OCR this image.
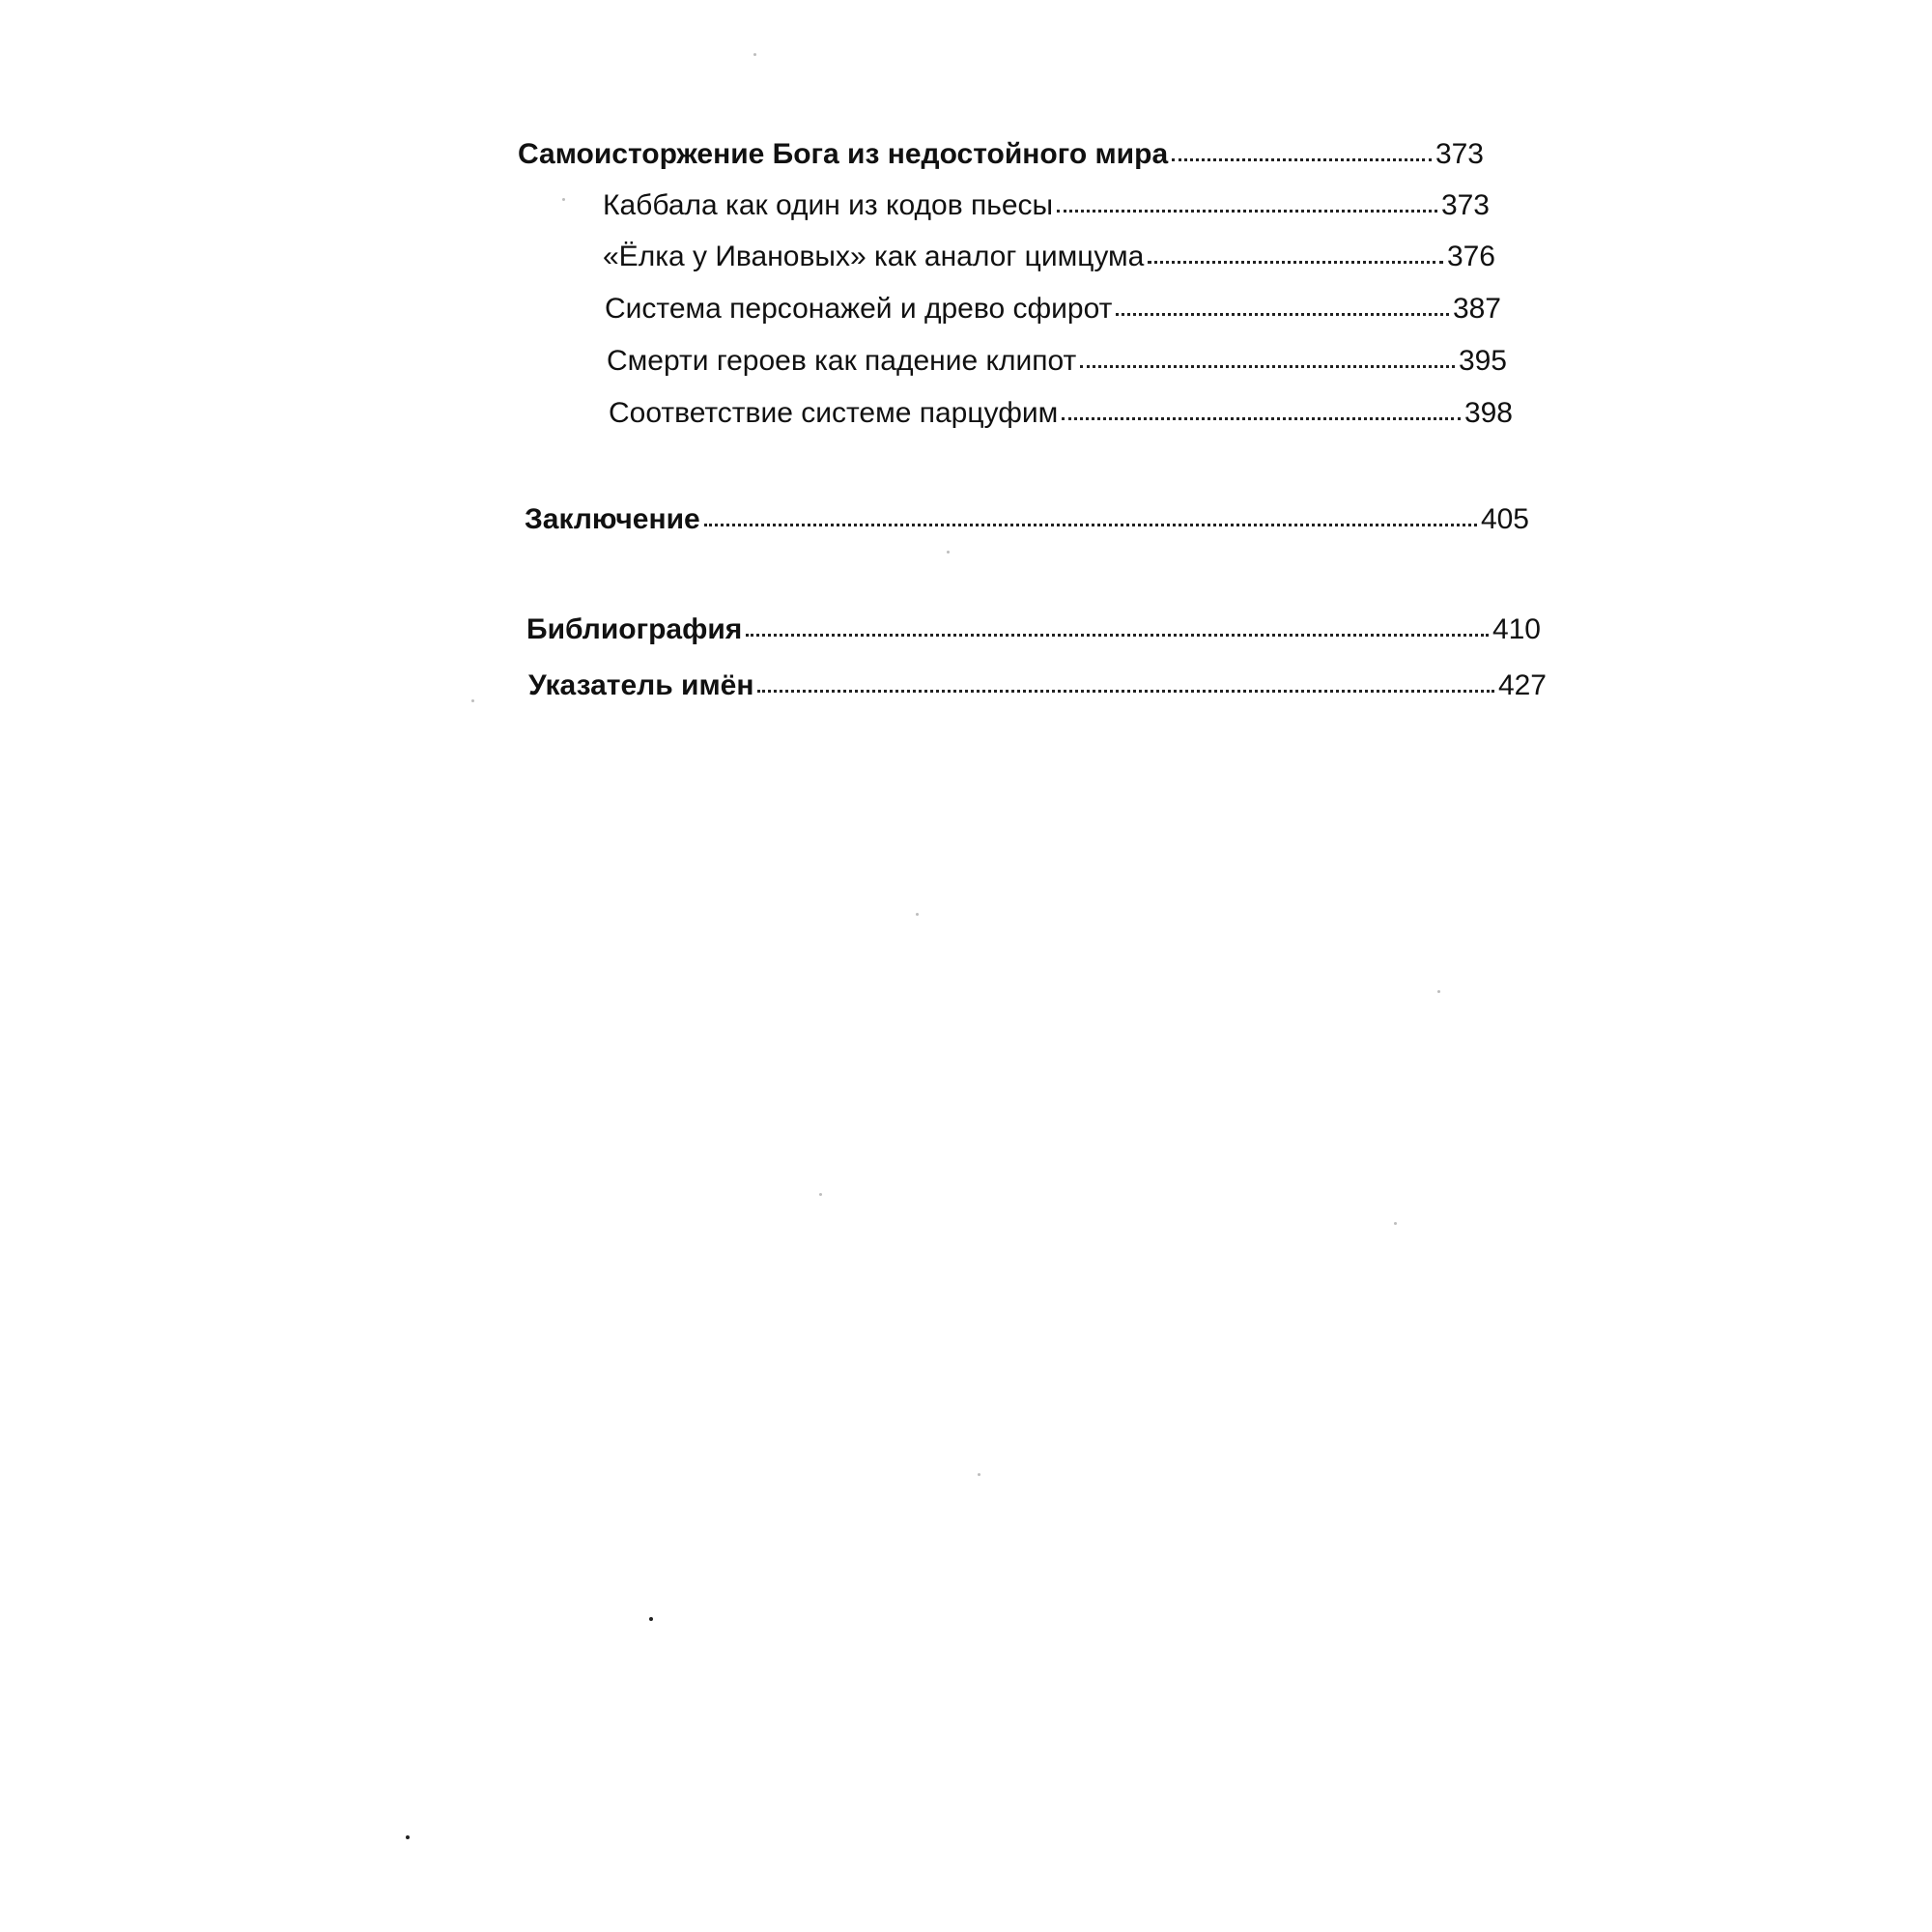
Самоисторжение Бога из недостойного мира	373
Каббала как один из кодов пьесы	373
«Ёлка у Ивановых» как аналог цимцума	376
Система персонажей и древо сфирот	387
Смерти героев как падение клипот	395
Соответствие системе парцуфим	398
Заключение	405
Библиография	410
Указатель имён	427
